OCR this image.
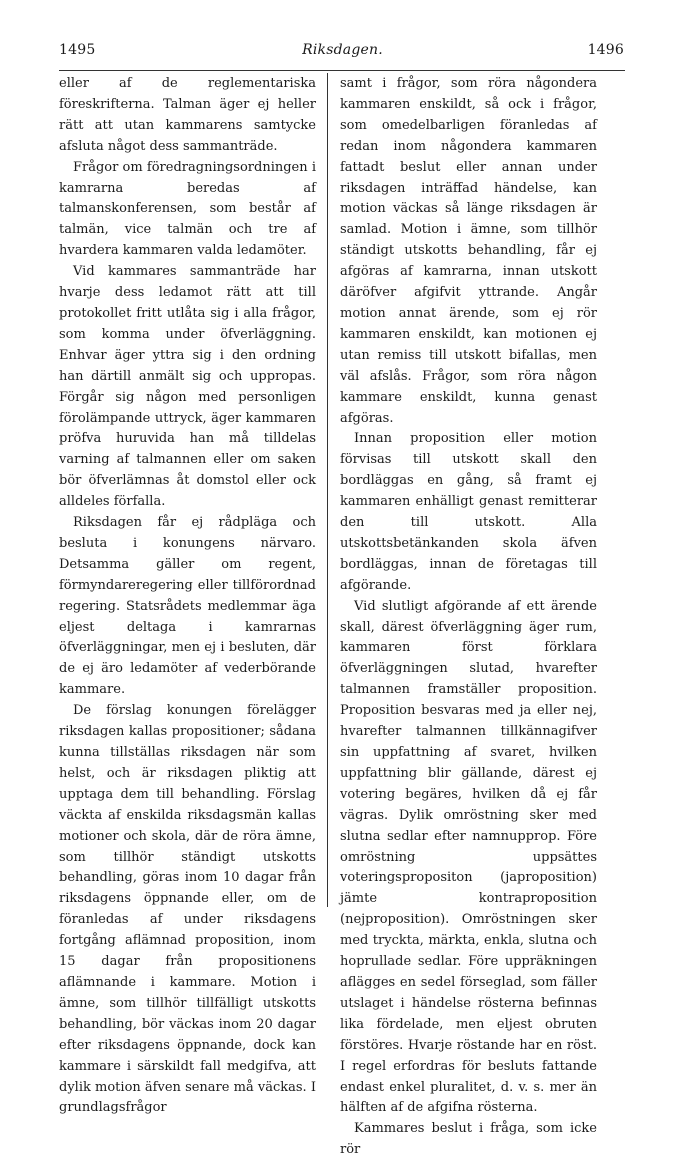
1495	Riksdagen.	1496

eller af de reglementariska föreskrifterna. Talman äger ej heller rätt att utan kammarens samtycke afsluta något dess sammanträde.

Frågor om föredragningsordningen i kamrarna beredas af talmanskonferensen, som består af talmän, vice talmän och tre af hvardera kammaren valda ledamöter.

Vid kammares sammanträde har hvarje dess ledamot rätt att till protokollet fritt utlåta sig i alla frågor, som komma under öfverläggning. Enhvar äger yttra sig i den ordning han därtill anmält sig och uppropas. Förgår sig någon med personligen förolämpande uttryck, äger kammaren pröfva huruvida han må tilldelas varning af talmannen eller om saken bör öfverlämnas åt domstol eller ock alldeles förfalla.

Riksdagen får ej rådpläga och besluta i konungens närvaro. Detsamma gäller om regent, förmyndareregering eller tillförordnad regering. Statsrådets medlemmar äga eljest deltaga i kamrarnas öfverläggningar, men ej i besluten, där de ej äro ledamöter af vederbörande kammare.

De förslag konungen förelägger riksdagen kallas propositioner; sådana kunna tillställas riksdagen när som helst, och är riksdagen pliktig att upptaga dem till behandling. Förslag väckta af enskilda riksdagsmän kallas motioner och skola, där de röra ämne, som tillhör ständigt utskotts behandling, göras inom 10 dagar från riksdagens öppnande eller, om de föranledas af under riksdagens fortgång aflämnad proposition, inom 15 dagar från propositionens aflämnande i kammare. Motion i ämne, som tillhör tillfälligt utskotts behandling, bör väckas inom 20 dagar efter riksdagens öppnande, dock kan kammare i särskildt fall medgifva, att dylik motion äfven senare må väckas. I grundlagsfrågor

samt i frågor, som röra någondera kammaren enskildt, så ock i frågor, som omedelbarligen föranledas af redan inom någondera kammaren fattadt beslut eller annan under riksdagen inträffad händelse, kan motion väckas så länge riksdagen är samlad. Motion i ämne, som tillhör ständigt utskotts behandling, får ej afgöras af kamrarna, innan utskott däröfver afgifvit yttrande. Angår motion annat ärende, som ej rör kammaren enskildt, kan motionen ej utan remiss till utskott bifallas, men väl afslås. Frågor, som röra någon kammare enskildt, kunna genast afgöras.

Innan proposition eller motion förvisas till utskott skall den bordläggas en gång, så framt ej kammaren enhälligt genast remitterar den till utskott. Alla utskottsbetänkanden skola äfven bordläggas, innan de företagas till afgörande.

Vid slutligt afgörande af ett ärende skall, därest öfverläggning äger rum, kammaren först förklara öfverläggningen slutad, hvarefter talmannen framställer proposition. Proposition besvaras med ja eller nej, hvarefter talmannen tillkännagifver sin uppfattning af svaret, hvilken uppfattning blir gällande, därest ej votering begäres, hvilken då ej får vägras. Dylik omröstning sker med slutna sedlar efter namnupprop. Före omröstning uppsättes voteringspropositon (japroposition) jämte kontraproposition (nejproposition). Omröstningen sker med tryckta, märkta, enkla, slutna och hoprullade sedlar. Före uppräkningen aflägges en sedel förseglad, som fäller utslaget i händelse rösterna befinnas lika fördelade, men eljest obruten förstöres. Hvarje röstande har en röst. I regel erfordras för besluts fattande endast enkel pluralitet, d. v. s. mer än hälften af de afgifna rösterna.

Kammares beslut i fråga, som icke rör
